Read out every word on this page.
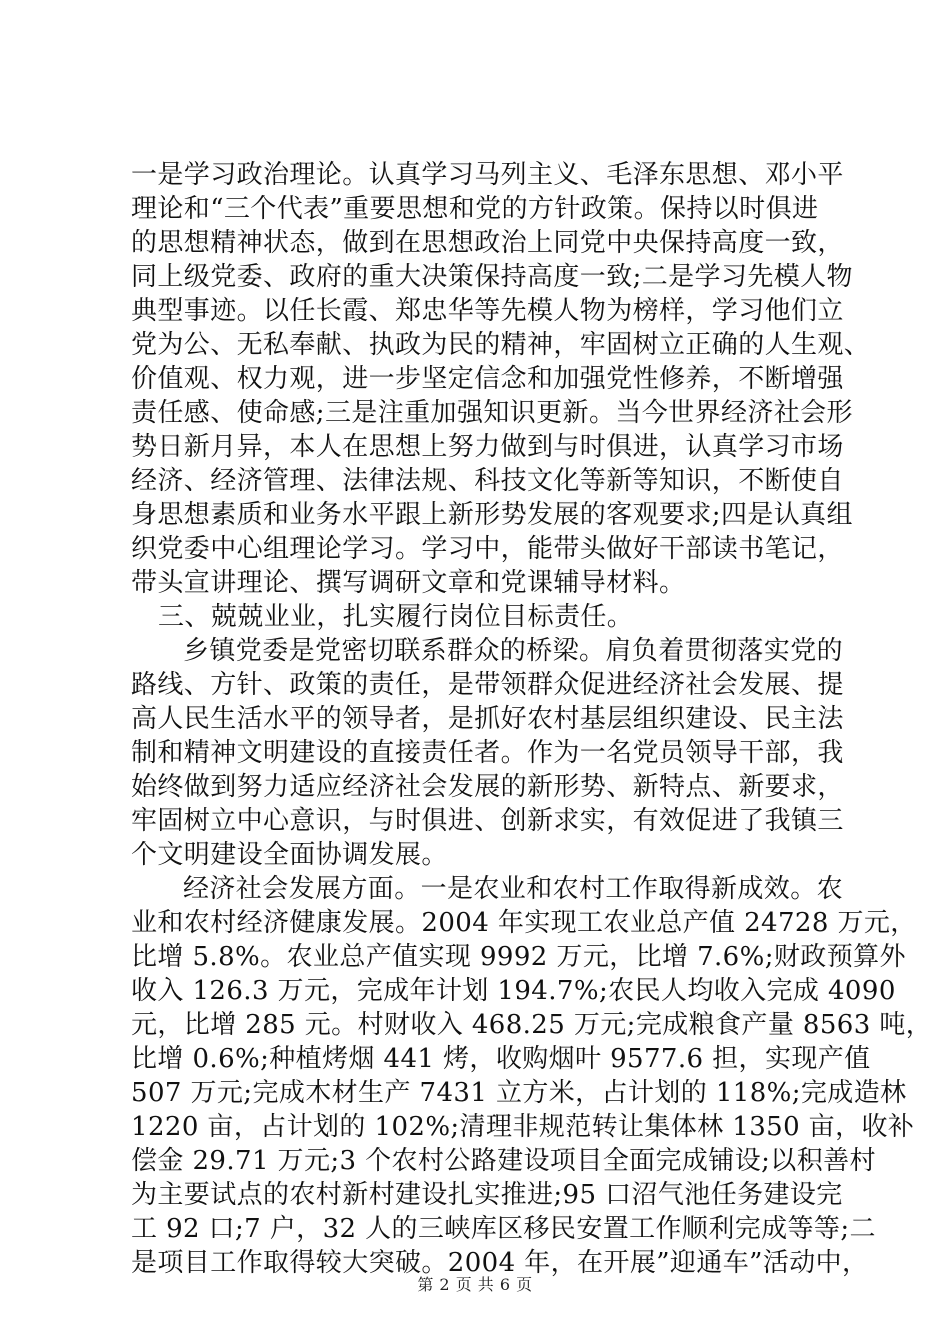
一是学习政治理论。认真学习马列主义、毛泽东思想、邓小平
理论和“三个代表”重要思想和党的方针政策。保持以时俱进
的思想精神状态，做到在思想政治上同党中央保持高度一致，
同上级党委、政府的重大决策保持高度一致;二是学习先模人物
典型事迹。以任长霞、郑忠华等先模人物为榜样，学习他们立
党为公、无私奉献、执政为民的精神，牢固树立正确的人生观、
价值观、权力观，进一步坚定信念和加强党性修养，不断增强
责任感、使命感;三是注重加强知识更新。当今世界经济社会形
势日新月异，本人在思想上努力做到与时俱进，认真学习市场
经济、经济管理、法律法规、科技文化等新等知识，不断使自
身思想素质和业务水平跟上新形势发展的客观要求;四是认真组
织党委中心组理论学习。学习中，能带头做好干部读书笔记，
带头宣讲理论、撰写调研文章和党课辅导材料。
三、兢兢业业，扎实履行岗位目标责任。
乡镇党委是党密切联系群众的桥梁。肩负着贯彻落实党的
路线、方针、政策的责任，是带领群众促进经济社会发展、提
高人民生活水平的领导者，是抓好农村基层组织建设、民主法
制和精神文明建设的直接责任者。作为一名党员领导干部，我
始终做到努力适应经济社会发展的新形势、新特点、新要求，
牢固树立中心意识，与时俱进、创新求实，有效促进了我镇三
个文明建设全面协调发展。
经济社会发展方面。一是农业和农村工作取得新成效。农
业和农村经济健康发展。2004 年实现工农业总产值 24728 万元，
比增 5.8%。农业总产值实现 9992 万元，比增 7.6%;财政预算外
收入 126.3 万元，完成年计划 194.7%;农民人均收入完成 4090
元，比增 285 元。村财收入 468.25 万元;完成粮食产量 8563 吨，
比增 0.6%;种植烤烟 441 烤，收购烟叶 9577.6 担，实现产值
507 万元;完成木材生产 7431 立方米，占计划的 118%;完成造林
1220 亩，占计划的 102%;清理非规范转让集体林 1350 亩，收补
偿金 29.71 万元;3 个农村公路建设项目全面完成铺设;以积善村
为主要试点的农村新村建设扎实推进;95 口沼气池任务建设完
工 92 口;7 户，32 人的三峡库区移民安置工作顺利完成等等;二
是项目工作取得较大突破。2004 年，在开展”迎通车”活动中，
第 2 页 共 6 页
